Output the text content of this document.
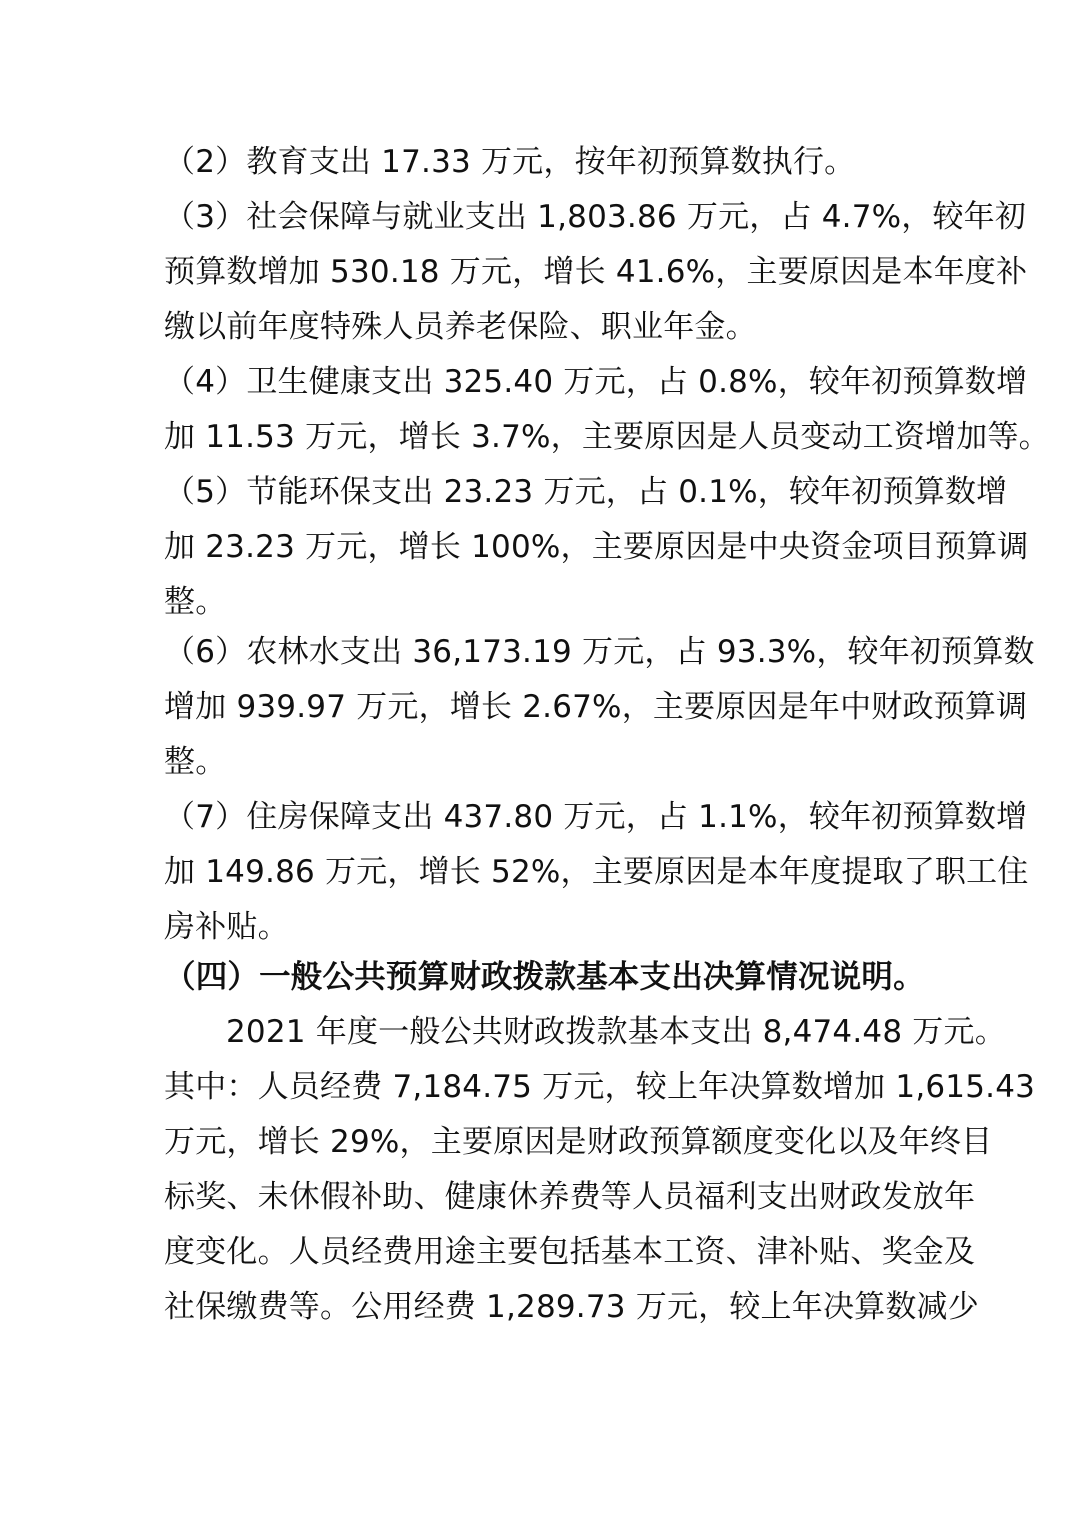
（2）教育支出 17.33 万元，按年初预算数执行。
（3）社会保障与就业支出 1,803.86 万元，占 4.7%，较年初
预算数增加 530.18 万元，增长 41.6%，主要原因是本年度补
缴以前年度特殊人员养老保险、职业年金。
（4）卫生健康支出 325.40 万元，占 0.8%，较年初预算数增
加 11.53 万元，增长 3.7%，主要原因是人员变动工资增加等。
（5）节能环保支出 23.23 万元，占 0.1%，较年初预算数增
加 23.23 万元，增长 100%，主要原因是中央资金项目预算调
整。
（6）农林水支出 36,173.19 万元，占 93.3%，较年初预算数
增加 939.97 万元，增长 2.67%，主要原因是年中财政预算调
整。
（7）住房保障支出 437.80 万元，占 1.1%，较年初预算数增
加 149.86 万元，增长 52%，主要原因是本年度提取了职工住
房补贴。
（四）一般公共预算财政拨款基本支出决算情况说明。
2021 年度一般公共财政拨款基本支出 8,474.48 万元。
其中：人员经费 7,184.75 万元，较上年决算数增加 1,615.43
万元，增长 29%，主要原因是财政预算额度变化以及年终目
标奖、未休假补助、健康休养费等人员福利支出财政发放年
度变化。人员经费用途主要包括基本工资、津补贴、奖金及
社保缴费等。公用经费 1,289.73 万元，较上年决算数减少
